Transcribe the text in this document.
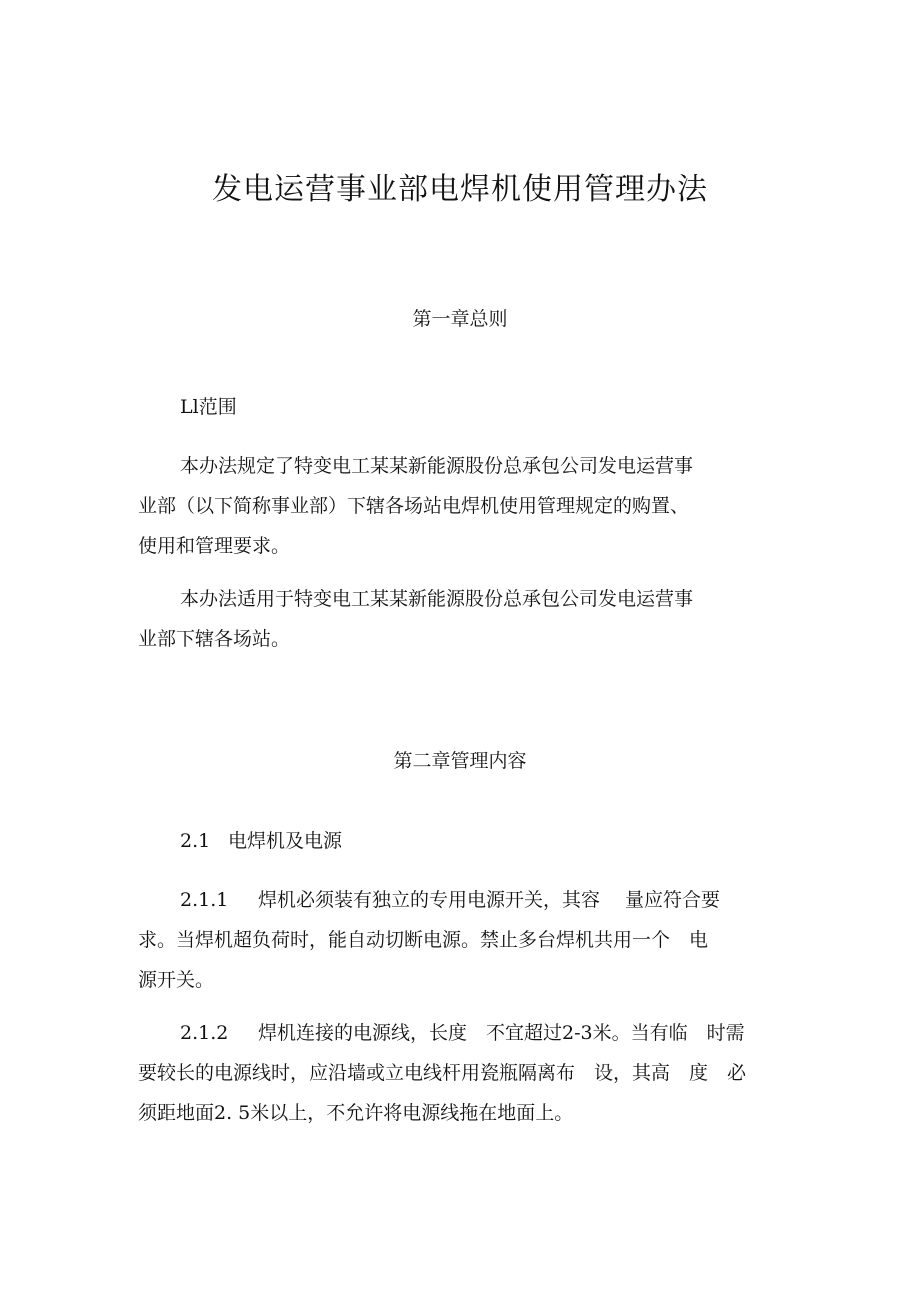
发电运营事业部电焊机使用管理办法
第一章总则
Ll范围
本办法规定了特变电工某某新能源股份总承包公司发电运营事
业部（以下简称事业部）下辖各场站电焊机使用管理规定的购置、
使用和管理要求。
本办法适用于特变电工某某新能源股份总承包公司发电运营事
业部下辖各场站。
第二章管理内容
2.1 电焊机及电源
2.1.1 焊机必须装有独立的专用电源开关，其容　 量应符合要
求。当焊机超负荷时，能自动切断电源。禁止多台焊机共用一个　电
源开关。
2.1.2 焊机连接的电源线，长度　不宜超过2-3米。当有临　时需
要较长的电源线时，应沿墙或立电线杆用瓷瓶隔离布　设，其高　度　必
须距地面2. 5米以上，不允许将电源线拖在地面上。
